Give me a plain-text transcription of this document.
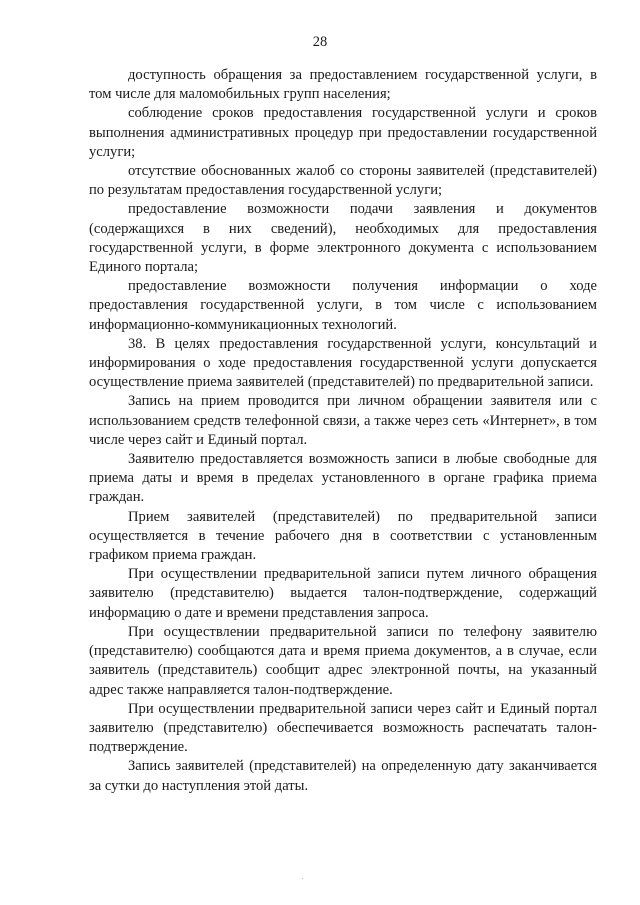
28

доступность обращения за предоставлением государственной услуги, в том числе для маломобильных групп населения;

соблюдение сроков предоставления государственной услуги и сроков выполнения административных процедур при предоставлении государственной услуги;

отсутствие обоснованных жалоб со стороны заявителей (представителей) по результатам предоставления государственной услуги;

предоставление возможности подачи заявления и документов (содержащихся в них сведений), необходимых для предоставления государственной услуги, в форме электронного документа с использованием Единого портала;

предоставление возможности получения информации о ходе предоставления государственной услуги, в том числе с использованием информационно-коммуникационных технологий.

38. В целях предоставления государственной услуги, консультаций и информирования о ходе предоставления государственной услуги допускается осуществление приема заявителей (представителей) по предварительной записи.

Запись на прием проводится при личном обращении заявителя или с использованием средств телефонной связи, а также через сеть «Интернет», в том числе через сайт и Единый портал.

Заявителю предоставляется возможность записи в любые свободные для приема даты и время в пределах установленного в органе графика приема граждан.

Прием заявителей (представителей) по предварительной записи осуществляется в течение рабочего дня в соответствии с установленным графиком приема граждан.

При осуществлении предварительной записи путем личного обращения заявителю (представителю) выдается талон-подтверждение, содержащий информацию о дате и времени представления запроса.

При осуществлении предварительной записи по телефону заявителю (представителю) сообщаются дата и время приема документов, а в случае, если заявитель (представитель) сообщит адрес электронной почты, на указанный адрес также направляется талон-подтверждение.

При осуществлении предварительной записи через сайт и Единый портал заявителю (представителю) обеспечивается возможность распечатать талон-подтверждение.

Запись заявителей (представителей) на определенную дату заканчивается за сутки до наступления этой даты.
